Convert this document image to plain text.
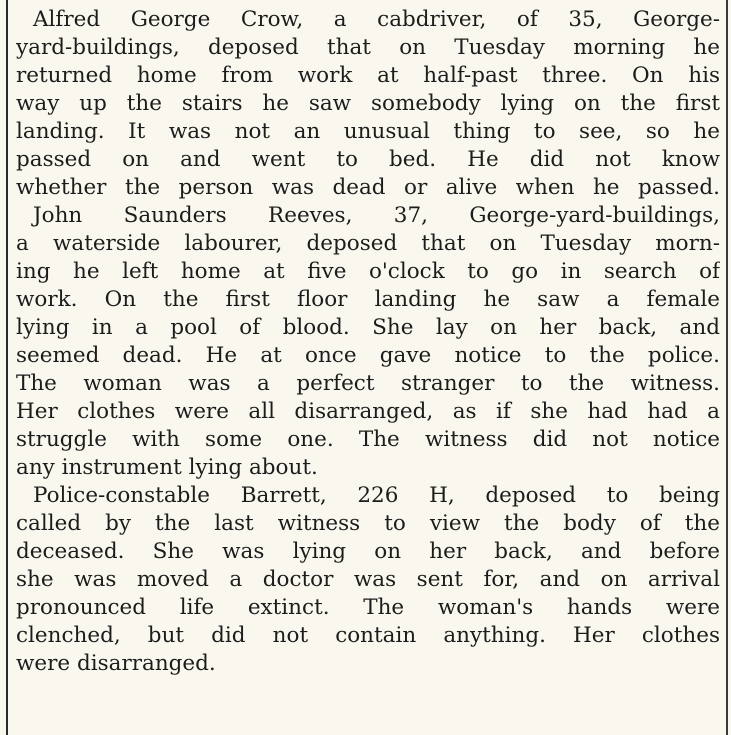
Alfred George Crow, a cabdriver, of 35, George-
yard-buildings, deposed that on Tuesday morning he
returned home from work at half-past three. On his
way up the stairs he saw somebody lying on the first
landing. It was not an unusual thing to see, so he
passed on and went to bed. He did not know
whether the person was dead or alive when he passed.
John Saunders Reeves, 37, George-yard-buildings,
a waterside labourer, deposed that on Tuesday morn-
ing he left home at five o'clock to go in search of
work. On the first floor landing he saw a female
lying in a pool of blood. She lay on her back, and
seemed dead. He at once gave notice to the police.
The woman was a perfect stranger to the witness.
Her clothes were all disarranged, as if she had had a
struggle with some one. The witness did not notice
any instrument lying about.
Police-constable Barrett, 226 H, deposed to being
called by the last witness to view the body of the
deceased. She was lying on her back, and before
she was moved a doctor was sent for, and on arrival
pronounced life extinct. The woman's hands were
clenched, but did not contain anything. Her clothes
were disarranged.
